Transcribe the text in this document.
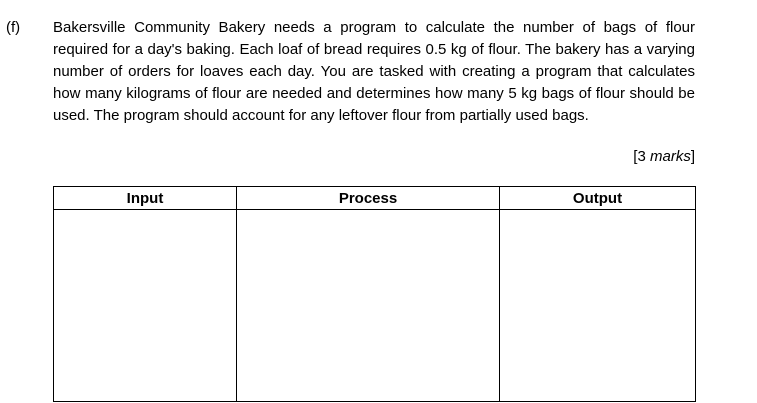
(f) Bakersville Community Bakery needs a program to calculate the number of bags of flour required for a day's baking. Each loaf of bread requires 0.5 kg of flour. The bakery has a varying number of orders for loaves each day. You are tasked with creating a program that calculates how many kilograms of flour are needed and determines how many 5 kg bags of flour should be used. The program should account for any leftover flour from partially used bags.
[3 marks]
Input	Process	Output
